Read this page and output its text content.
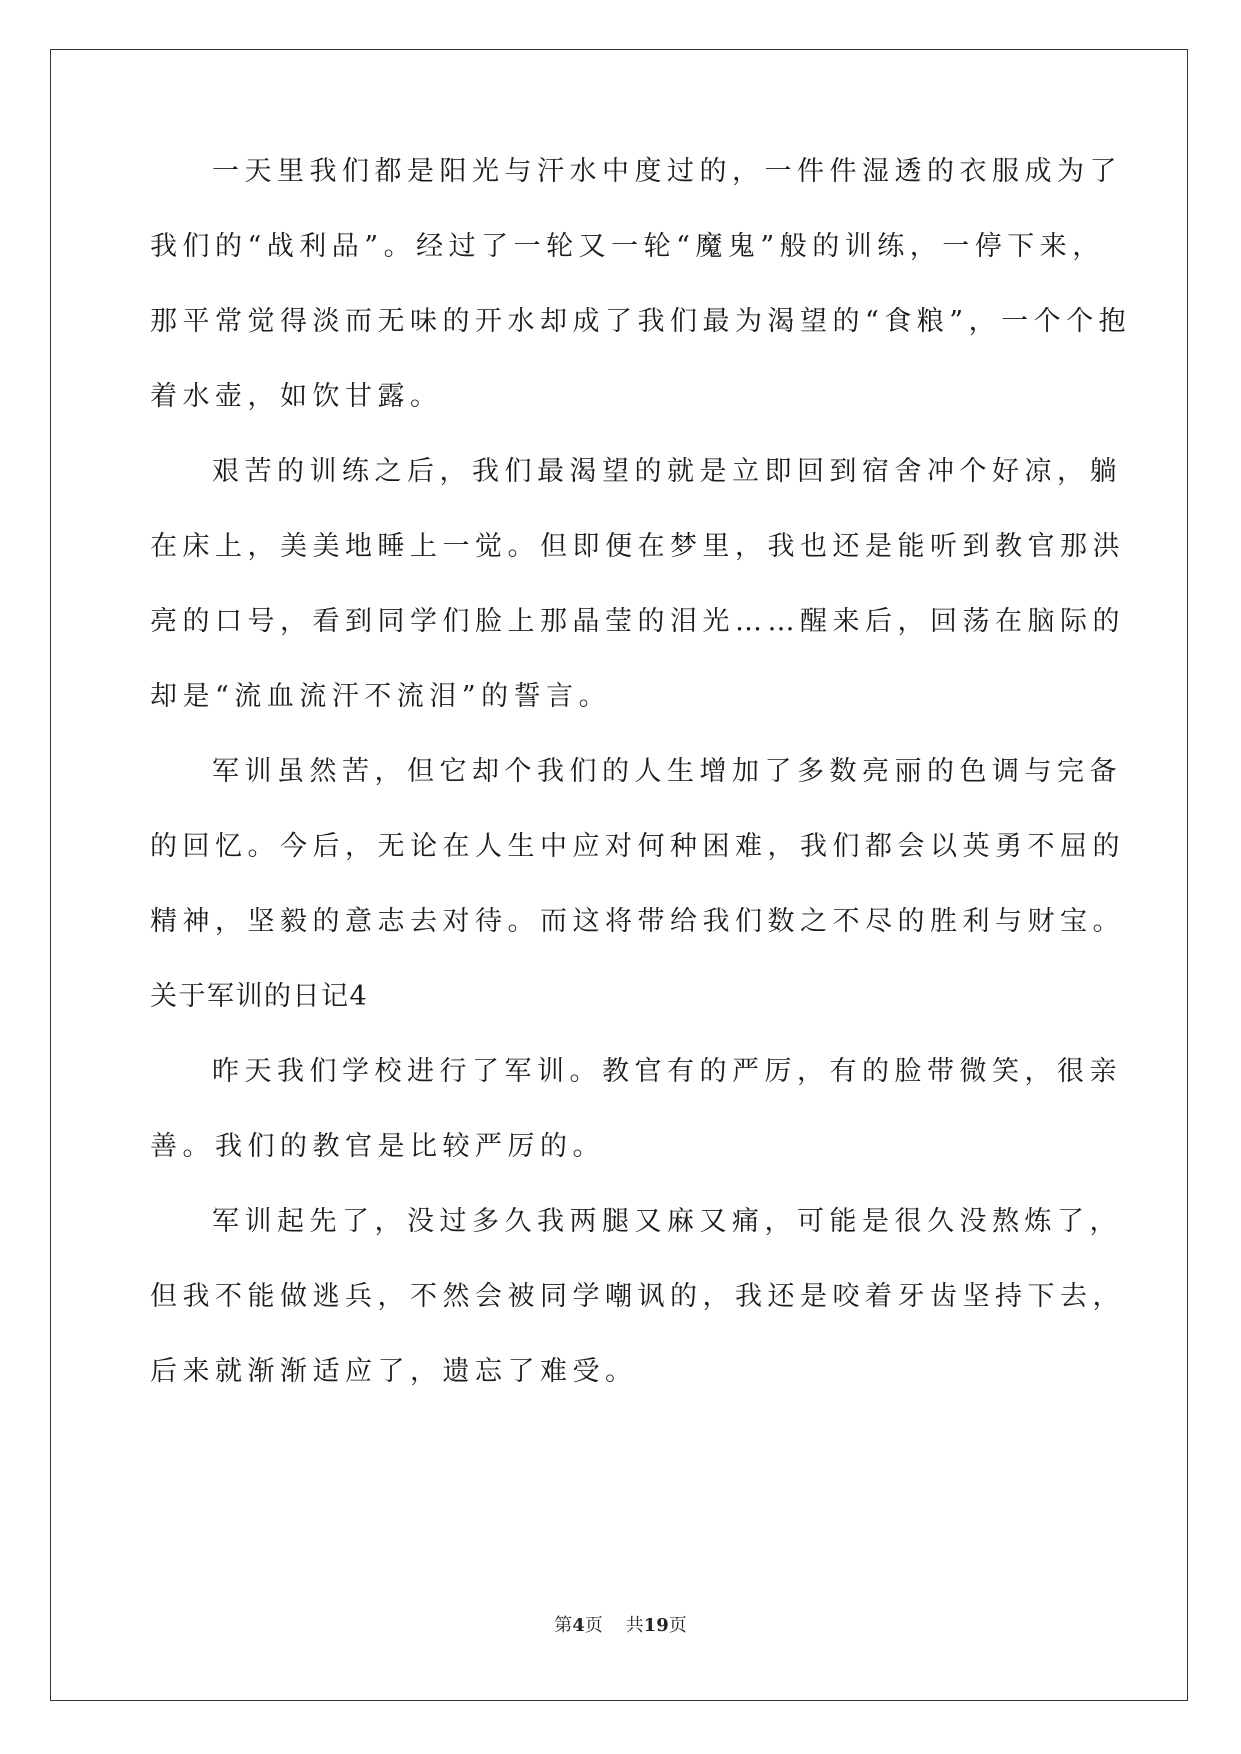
一天里我们都是阳光与汗水中度过的，一件件湿透的衣服成为了
我们的“战利品”。经过了一轮又一轮“魔鬼”般的训练，一停下来，
那平常觉得淡而无味的开水却成了我们最为渴望的“食粮”，一个个抱
着水壶，如饮甘露。
艰苦的训练之后，我们最渴望的就是立即回到宿舍冲个好凉，躺
在床上，美美地睡上一觉。但即便在梦里，我也还是能听到教官那洪
亮的口号，看到同学们脸上那晶莹的泪光……醒来后，回荡在脑际的
却是“流血流汗不流泪”的誓言。
军训虽然苦，但它却个我们的人生增加了多数亮丽的色调与完备
的回忆。今后，无论在人生中应对何种困难，我们都会以英勇不屈的
精神，坚毅的意志去对待。而这将带给我们数之不尽的胜利与财宝。
关于军训的日记4
昨天我们学校进行了军训。教官有的严厉，有的脸带微笑，很亲
善。我们的教官是比较严厉的。
军训起先了，没过多久我两腿又麻又痛，可能是很久没熬炼了，
但我不能做逃兵，不然会被同学嘲讽的，我还是咬着牙齿坚持下去，
后来就渐渐适应了，遗忘了难受。
第4页 共19页
